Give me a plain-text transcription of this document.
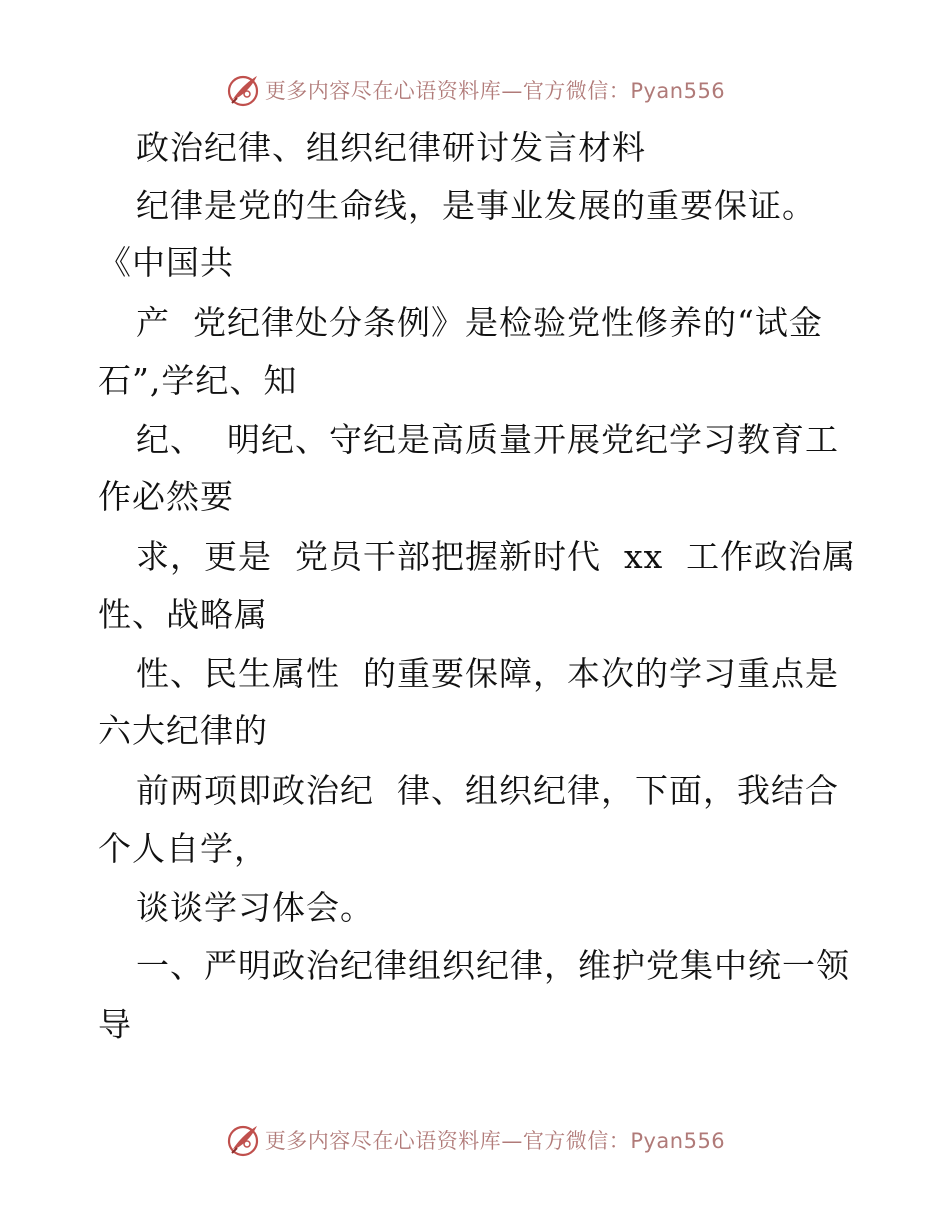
更多内容尽在心语资料库—官方微信：Pyan556
政治纪律、组织纪律研讨发言材料
纪律是党的生命线，是事业发展的重要保证。
《中国共
产  党纪律处分条例》是检验党性修养的“试金
石”,学纪、知
纪、  明纪、守纪是高质量开展党纪学习教育工
作必然要
求，更是  党员干部把握新时代  xx  工作政治属
性、战略属
性、民生属性  的重要保障，本次的学习重点是
六大纪律的
前两项即政治纪  律、组织纪律，下面，我结合
个人自学，
谈谈学习体会。
一、严明政治纪律组织纪律，维护党集中统一领
导
更多内容尽在心语资料库—官方微信：Pyan556
